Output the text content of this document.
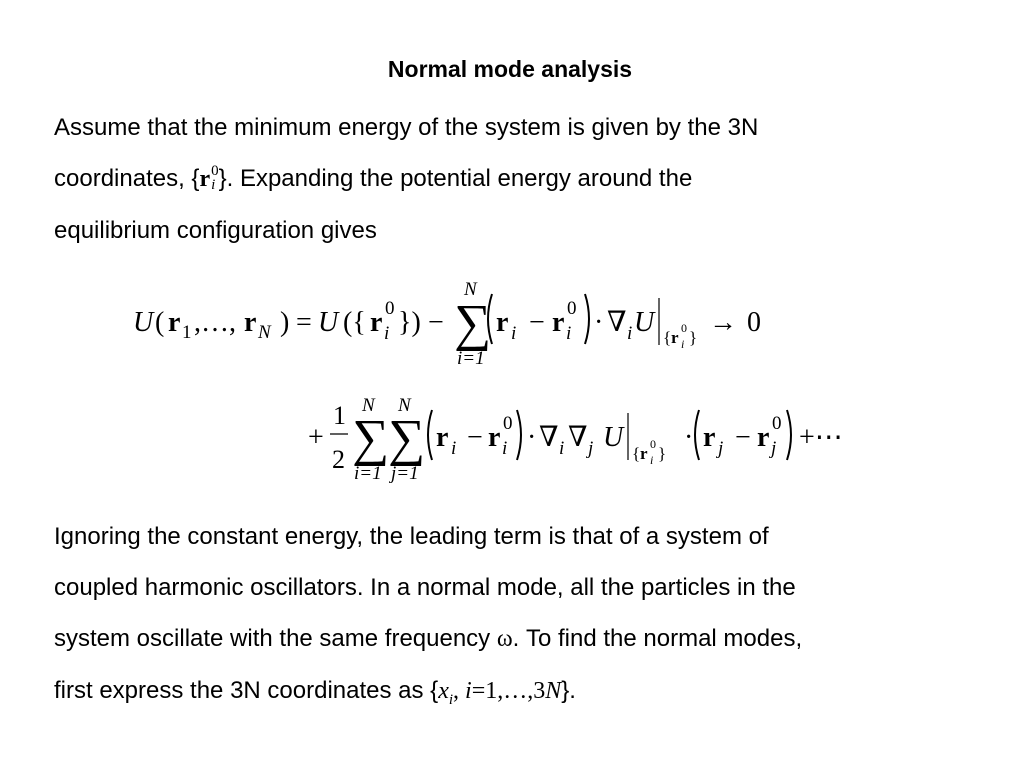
Normal mode analysis

Assume that the minimum energy of the system is given by the 3N
coordinates, {r 0
i }. Expanding the potential energy around the
equilibrium configuration gives

U ( r 1 ,…, r N ) = U ({ r 0
i }) −
N
∑
i=1
r i − r 0
i · ∇ i U { r 0
i } → 0
+
1
2
N
∑
i=1
N
∑
j=1
r i − r 0
i · ∇ i ∇ j U
{ r 0
i }
· r j − r 0
j +⋯

Ignoring the constant energy, the leading term is that of a system of
coupled harmonic oscillators. In a normal mode, all the particles in the
system oscillate with the same frequency ω. To find the normal modes,
first express the 3N coordinates as {$x_i$, i=1,…,3N}.
